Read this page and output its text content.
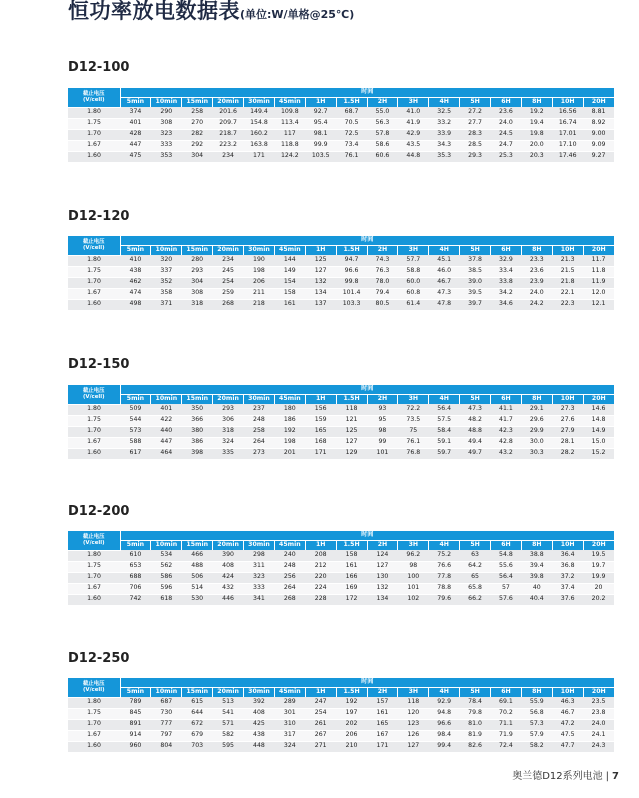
恒功率放电数据表(单位:W/单格@25℃)
D12-100
截止电压
(V/cell)	时间															
	5min	10min	15min	20min	30min	45min	1H	1.5H	2H	3H	4H	5H	6H	8H	10H	20H
1.80	374	290	258	201.6	149.4	109.8	92.7	68.7	55.0	41.0	32.5	27.2	23.6	19.2	16.56	8.81
1.75	401	308	270	209.7	154.8	113.4	95.4	70.5	56.3	41.9	33.2	27.7	24.0	19.4	16.74	8.92
1.70	428	323	282	218.7	160.2	117	98.1	72.5	57.8	42.9	33.9	28.3	24.5	19.8	17.01	9.00
1.67	447	333	292	223.2	163.8	118.8	99.9	73.4	58.6	43.5	34.3	28.5	24.7	20.0	17.10	9.09
1.60	475	353	304	234	171	124.2	103.5	76.1	60.6	44.8	35.3	29.3	25.3	20.3	17.46	9.27
D12-120
截止电压
(V/cell)	时间															
	5min	10min	15min	20min	30min	45min	1H	1.5H	2H	3H	4H	5H	6H	8H	10H	20H
1.80	410	320	280	234	190	144	125	94.7	74.3	57.7	45.1	37.8	32.9	23.3	21.3	11.7
1.75	438	337	293	245	198	149	127	96.6	76.3	58.8	46.0	38.5	33.4	23.6	21.5	11.8
1.70	462	352	304	254	206	154	132	99.8	78.0	60.0	46.7	39.0	33.8	23.9	21.8	11.9
1.67	474	358	308	259	211	158	134	101.4	79.4	60.8	47.3	39.5	34.2	24.0	22.1	12.0
1.60	498	371	318	268	218	161	137	103.3	80.5	61.4	47.8	39.7	34.6	24.2	22.3	12.1
D12-150
截止电压
(V/cell)	时间															
	5min	10min	15min	20min	30min	45min	1H	1.5H	2H	3H	4H	5H	6H	8H	10H	20H
1.80	509	401	350	293	237	180	156	118	93	72.2	56.4	47.3	41.1	29.1	27.3	14.6
1.75	544	422	366	306	248	186	159	121	95	73.5	57.5	48.2	41.7	29.6	27.6	14.8
1.70	573	440	380	318	258	192	165	125	98	75	58.4	48.8	42.3	29.9	27.9	14.9
1.67	588	447	386	324	264	198	168	127	99	76.1	59.1	49.4	42.8	30.0	28.1	15.0
1.60	617	464	398	335	273	201	171	129	101	76.8	59.7	49.7	43.2	30.3	28.2	15.2
D12-200
截止电压
(V/cell)	时间															
	5min	10min	15min	20min	30min	45min	1H	1.5H	2H	3H	4H	5H	6H	8H	10H	20H
1.80	610	534	466	390	298	240	208	158	124	96.2	75.2	63	54.8	38.8	36.4	19.5
1.75	653	562	488	408	311	248	212	161	127	98	76.6	64.2	55.6	39.4	36.8	19.7
1.70	688	586	506	424	323	256	220	166	130	100	77.8	65	56.4	39.8	37.2	19.9
1.67	706	596	514	432	333	264	224	169	132	101	78.8	65.8	57	40	37.4	20
1.60	742	618	530	446	341	268	228	172	134	102	79.6	66.2	57.6	40.4	37.6	20.2
D12-250
截止电压
(V/cell)	时间															
	5min	10min	15min	20min	30min	45min	1H	1.5H	2H	3H	4H	5H	6H	8H	10H	20H
1.80	789	687	615	513	392	289	247	192	157	118	92.9	78.4	69.1	55.9	46.3	23.5
1.75	845	730	644	541	408	301	254	197	161	120	94.8	79.8	70.2	56.8	46.7	23.8
1.70	891	777	672	571	425	310	261	202	165	123	96.6	81.0	71.1	57.3	47.2	24.0
1.67	914	797	679	582	438	317	267	206	167	126	98.4	81.9	71.9	57.9	47.5	24.1
1.60	960	804	703	595	448	324	271	210	171	127	99.4	82.6	72.4	58.2	47.7	24.3
奥兰德D12系列电池 | 7
